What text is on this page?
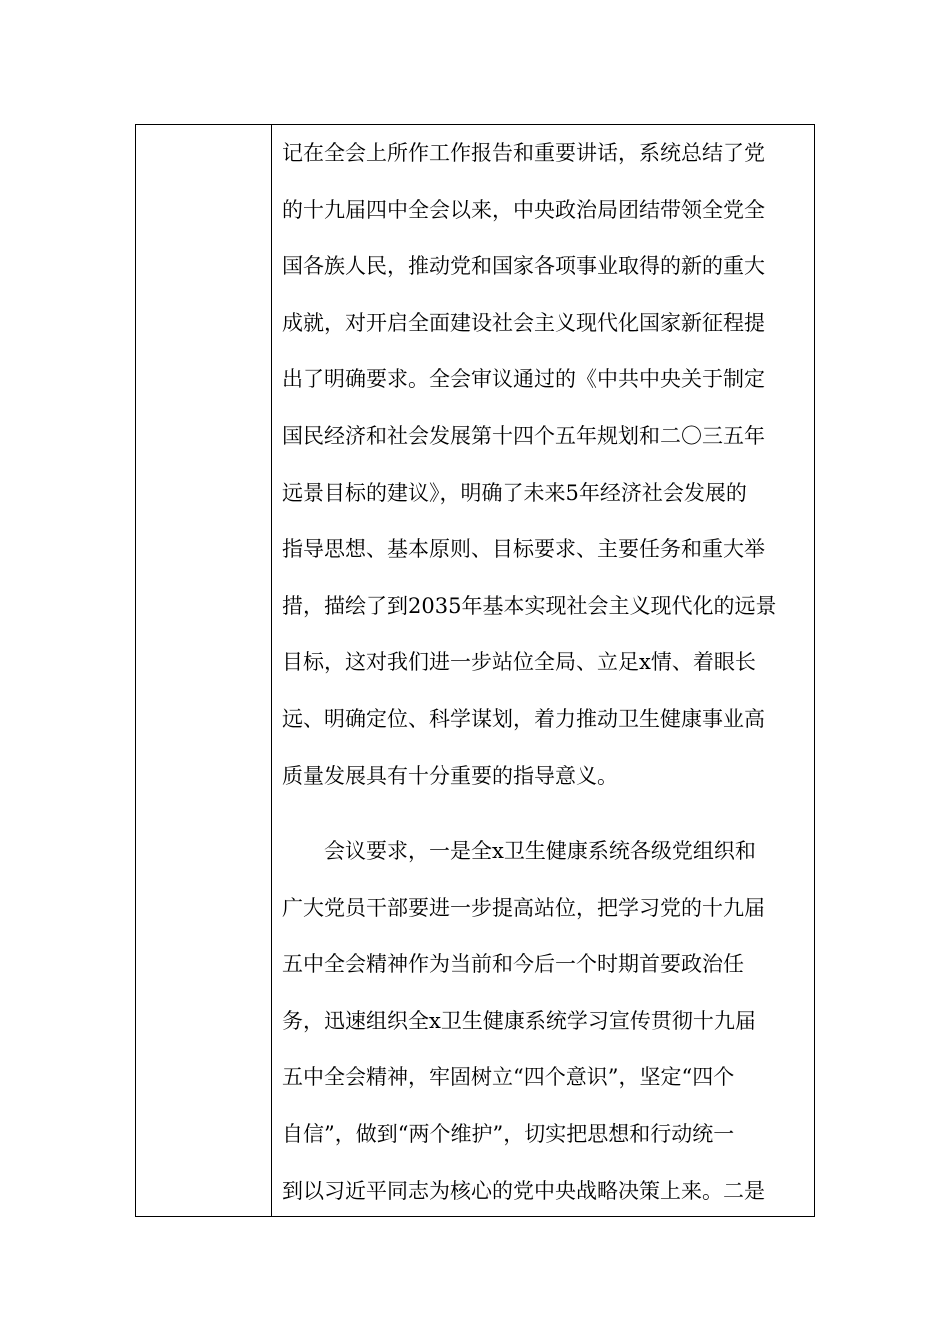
记在全会上所作工作报告和重要讲话，系统总结了党
的十九届四中全会以来，中央政治局团结带领全党全
国各族人民，推动党和国家各项事业取得的新的重大
成就，对开启全面建设社会主义现代化国家新征程提
出了明确要求。全会审议通过的《中共中央关于制定
国民经济和社会发展第十四个五年规划和二〇三五年
远景目标的建议》，明确了未来5年经济社会发展的
指导思想、基本原则、目标要求、主要任务和重大举
措，描绘了到2035年基本实现社会主义现代化的远景
目标，这对我们进一步站位全局、立足x情、着眼长
远、明确定位、科学谋划，着力推动卫生健康事业高
质量发展具有十分重要的指导意义。
会议要求，一是全x卫生健康系统各级党组织和
广大党员干部要进一步提高站位，把学习党的十九届
五中全会精神作为当前和今后一个时期首要政治任
务，迅速组织全x卫生健康系统学习宣传贯彻十九届
五中全会精神，牢固树立“四个意识”，坚定“四个
自信”，做到“两个维护”，切实把思想和行动统一
到以习近平同志为核心的党中央战略决策上来。二是
